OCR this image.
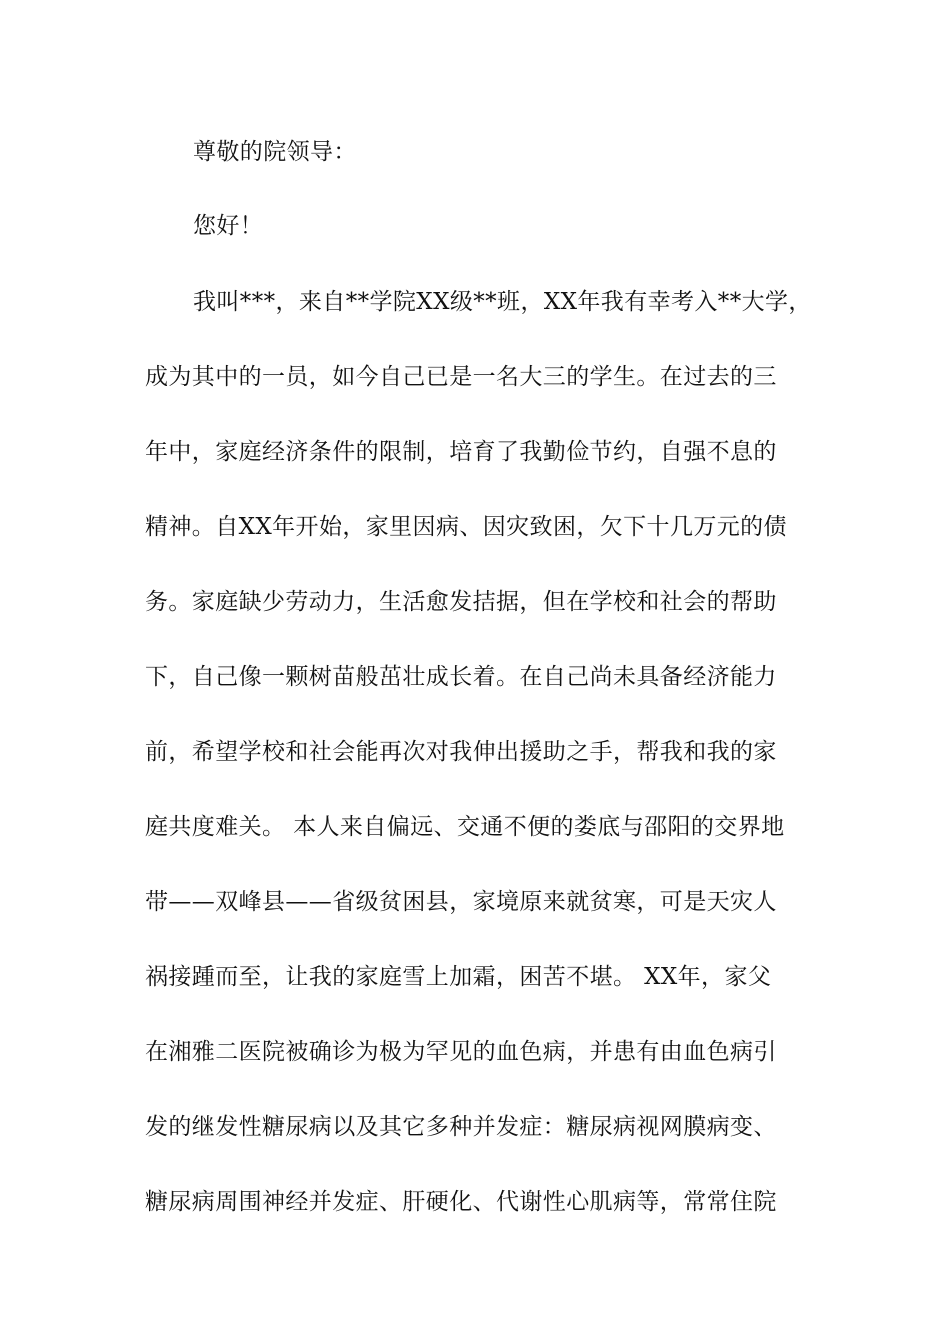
尊敬的院领导：
您好！
我叫***，来自**学院XX级**班，XX年我有幸考入**大学，
成为其中的一员，如今自己已是一名大三的学生。在过去的三
年中，家庭经济条件的限制，培育了我勤俭节约，自强不息的
精神。自XX年开始，家里因病、因灾致困，欠下十几万元的债
务。家庭缺少劳动力，生活愈发拮据，但在学校和社会的帮助
下，自己像一颗树苗般茁壮成长着。在自己尚未具备经济能力
前，希望学校和社会能再次对我伸出援助之手，帮我和我的家
庭共度难关。 本人来自偏远、交通不便的娄底与邵阳的交界地
带——双峰县——省级贫困县，家境原来就贫寒，可是天灾人
祸接踵而至，让我的家庭雪上加霜，困苦不堪。 XX年，家父
在湘雅二医院被确诊为极为罕见的血色病，并患有由血色病引
发的继发性糖尿病以及其它多种并发症：糖尿病视网膜病变、
糖尿病周围神经并发症、肝硬化、代谢性心肌病等，常常住院
